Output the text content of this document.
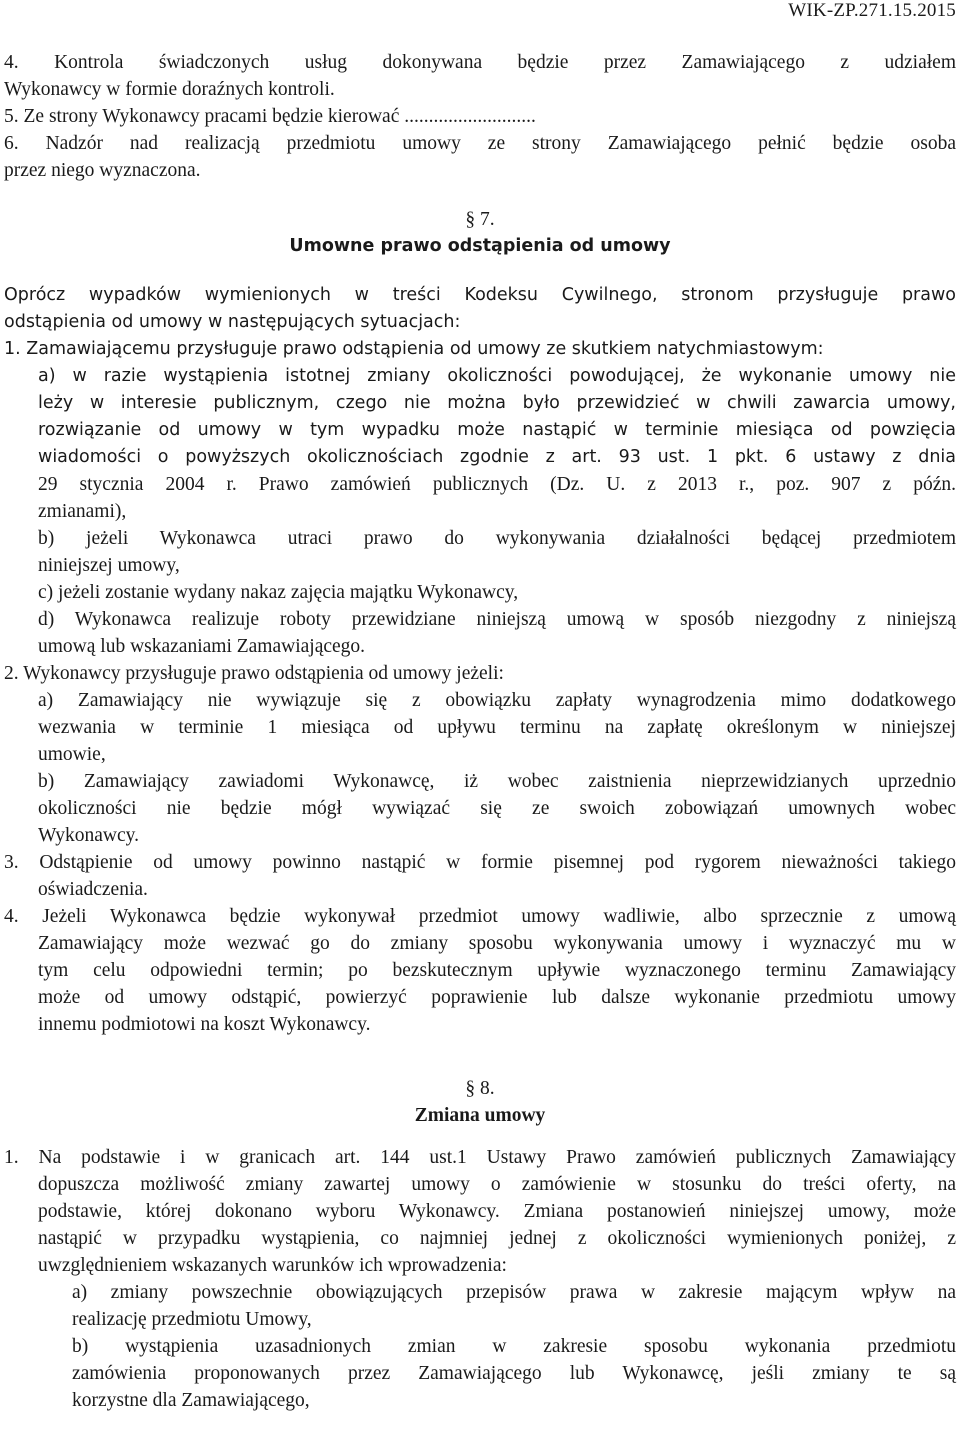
WIK-ZP.271.15.2015
4. Kontrola świadczonych usług dokonywana będzie przez Zamawiającego z udziałem
Wykonawcy w formie doraźnych kontroli.
5. Ze strony Wykonawcy pracami będzie kierować ...........................
6. Nadzór nad realizacją przedmiotu umowy ze strony Zamawiającego pełnić będzie osoba
przez niego wyznaczona.
§ 7.
Umowne prawo odstąpienia od umowy
Oprócz wypadków wymienionych w treści Kodeksu Cywilnego, stronom przysługuje prawo
odstąpienia od umowy w następujących sytuacjach:
1. Zamawiającemu przysługuje prawo odstąpienia od umowy ze skutkiem natychmiastowym:
a) w razie wystąpienia istotnej zmiany okoliczności powodującej, że wykonanie umowy nie
leży w interesie publicznym, czego nie można było przewidzieć w chwili zawarcia umowy,
rozwiązanie od umowy w tym wypadku może nastąpić w terminie miesiąca od powzięcia
wiadomości o powyższych okolicznościach zgodnie z art. 93 ust. 1 pkt. 6 ustawy z dnia
29 stycznia 2004 r. Prawo zamówień publicznych (Dz. U. z 2013 r., poz. 907 z późn.
zmianami),
b) jeżeli Wykonawca utraci prawo do wykonywania działalności będącej przedmiotem
niniejszej umowy,
c) jeżeli zostanie wydany nakaz zajęcia majątku Wykonawcy,
d) Wykonawca realizuje roboty przewidziane niniejszą umową w sposób niezgodny z niniejszą
umową lub wskazaniami Zamawiającego.
2. Wykonawcy przysługuje prawo odstąpienia od umowy jeżeli:
a) Zamawiający nie wywiązuje się z obowiązku zapłaty wynagrodzenia mimo dodatkowego
wezwania w terminie 1 miesiąca od upływu terminu na zapłatę określonym w niniejszej
umowie,
b) Zamawiający zawiadomi Wykonawcę, iż wobec zaistnienia nieprzewidzianych uprzednio
okoliczności nie będzie mógł wywiązać się ze swoich zobowiązań umownych wobec
Wykonawcy.
3. Odstąpienie od umowy powinno nastąpić w formie pisemnej pod rygorem nieważności takiego
oświadczenia.
4. Jeżeli Wykonawca będzie wykonywał przedmiot umowy wadliwie, albo sprzecznie z umową
Zamawiający może wezwać go do zmiany sposobu wykonywania umowy i wyznaczyć mu w
tym celu odpowiedni termin; po bezskutecznym upływie wyznaczonego terminu Zamawiający
może od umowy odstąpić, powierzyć poprawienie lub dalsze wykonanie przedmiotu umowy
innemu podmiotowi na koszt Wykonawcy.
§ 8.
Zmiana umowy
1. Na podstawie i w granicach art. 144 ust.1 Ustawy Prawo zamówień publicznych Zamawiający
dopuszcza możliwość zmiany zawartej umowy o zamówienie w stosunku do treści oferty, na
podstawie, której dokonano wyboru Wykonawcy. Zmiana postanowień niniejszej umowy, może
nastąpić w przypadku wystąpienia, co najmniej jednej z okoliczności wymienionych poniżej, z
uwzględnieniem wskazanych warunków ich wprowadzenia:
a) zmiany powszechnie obowiązujących przepisów prawa w zakresie mającym wpływ na
realizację przedmiotu Umowy,
b) wystąpienia uzasadnionych zmian w zakresie sposobu wykonania przedmiotu
zamówienia proponowanych przez Zamawiającego lub Wykonawcę, jeśli zmiany te są
korzystne dla Zamawiającego,
